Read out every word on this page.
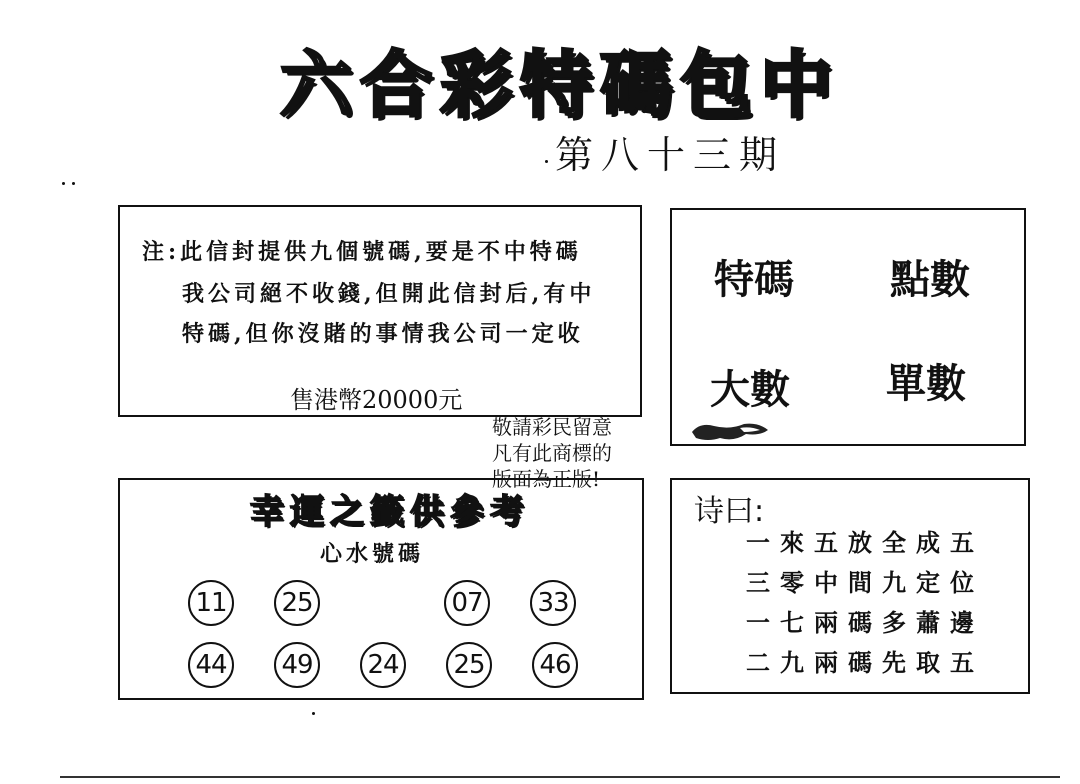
六合彩特碼包中
第八十三期
注:此信封提供九個號碼,要是不中特碼
我公司絕不收錢,但開此信封后,有中
特碼,但你沒賭的事情我公司一定收
售港幣20000元
特碼 點數
大數 單數
敬請彩民留意
凡有此商標的
版面為正版!
幸運之籤供參考
心水號碼
11 25	07 33
44 49 24 25 46
诗曰:
一來五放全成五
三零中間九定位
一七兩碼多蕭邊
二九兩碼先取五
